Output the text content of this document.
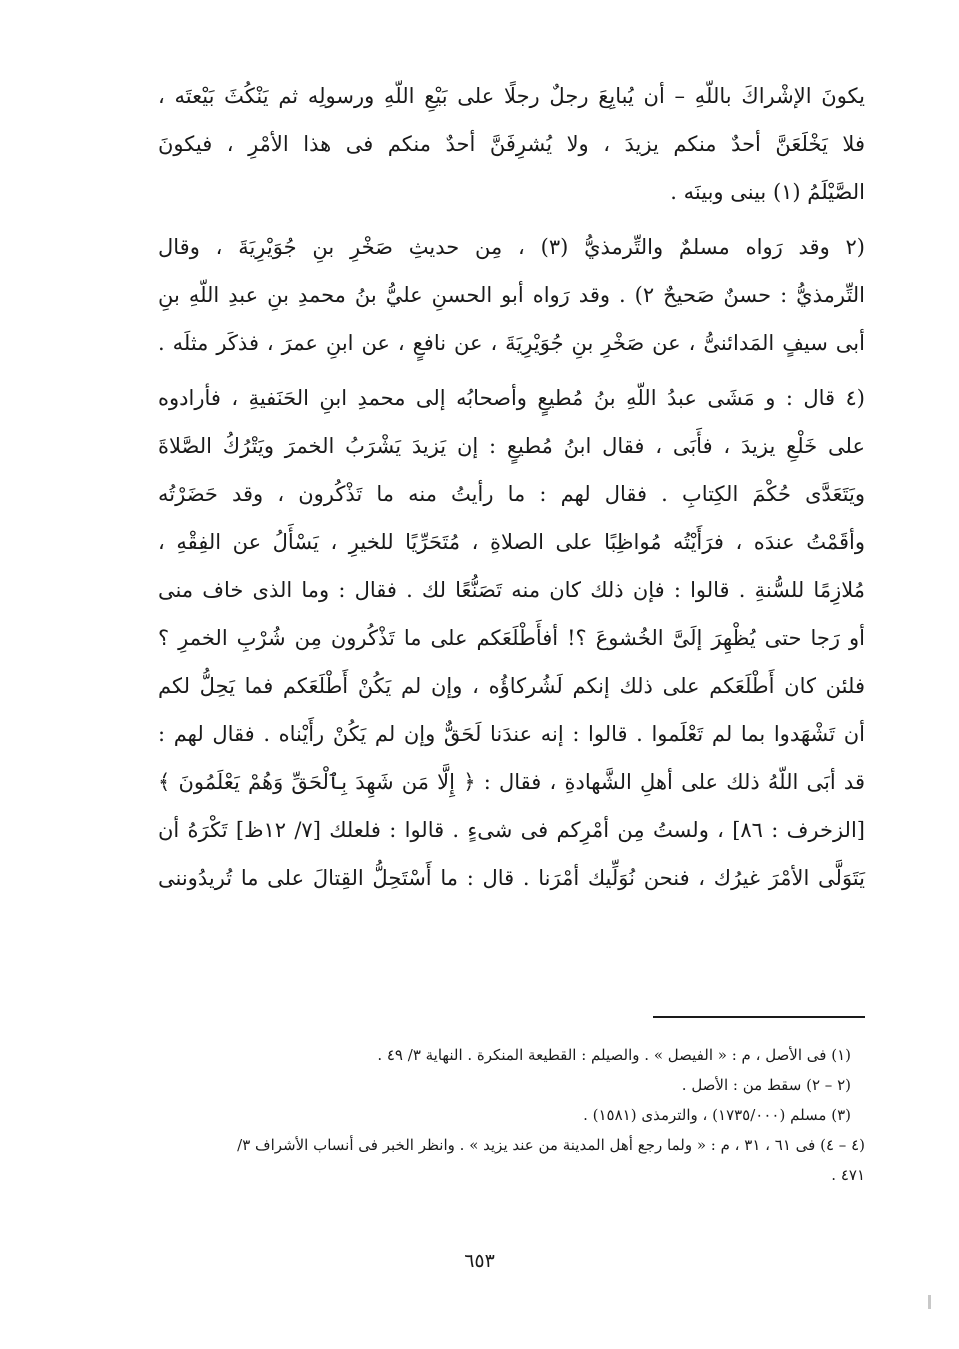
يكونَ الإشْراكَ باللّهِ – أن يُبايِعَ رجلٌ رجلًا على بَيْعِ اللّهِ ورسولِه ثم يَنْكُثَ بَيْعتَه ،
فلا يَخْلَعَنَّ أحدٌ منكم يزيدَ ، ولا يُشرِفَنَّ أحدٌ منكم فى هذا الأمْرِ ، فيكونَ
الصَّيْلَمُ (١) بينى وبينَه .
(٢ وقد رَواه مسلمٌ والتِّرمذيُّ (٣) ، مِن حديثِ صَخْرِ بنِ جُوَيْرِيَةَ ، وقال
التِّرمذيُّ : حسنٌ صَحيحٌ ٢) . وقد رَواه أبو الحسنِ عليُّ بنُ محمدِ بنِ عبدِ اللّهِ بنِ
أبى سيفٍ المَدائنىُّ ، عن صَخْرِ بنِ جُوَيْرِيَةَ ، عن نافعٍ ، عن ابنِ عمرَ ، فذكَر مثلَه .
(٤ قال : و مَشَى عبدُ اللّهِ بنُ مُطيعٍ وأصحابُه إلى محمدِ ابنِ الحَنَفيةِ ، فأرادوه
على خَلْعِ يزيدَ ، فأَبَى ، فقال ابنُ مُطيعٍ : إن يَزيدَ يَشْرَبُ الخمرَ ويَتْرُكُ الصَّلاةَ
ويَتَعَدَّى حُكْمَ الكِتابِ . فقال لهم : ما رأيتُ منه ما تَذْكُرون ، وقد حَضَرْتُه
وأقَمْتُ عندَه ، فرَأَيْتُه مُواظِبًا على الصلاةِ ، مُتَحَرِّيًا للخيرِ ، يَسْأَلُ عن الفِقْهِ ،
مُلازِمًا للسُّنةِ . قالوا : فإن ذلك كان منه تَصَنُّعًا لك . فقال : وما الذى خاف منى
أو رَجا حتى يُظْهِرَ إلَىَّ الخُشوعَ ؟! أفأَطْلَعَكم على ما تَذْكُرون مِن شُرْبِ الخمرِ ؟
فلئن كان أَطْلَعَكم على ذلك إنكم لَشُركاؤُه ، وإن لم يَكُنْ أَطْلَعَكم فما يَحِلُّ لكم
أن تَشْهَدوا بما لم تَعْلَموا . قالوا : إنه عندَنا لَحَقٌّ وإن لم يَكُنْ رأَيْناه . فقال لهم :
قد أبَى اللّهُ ذلك على أهلِ الشَّهادةِ ، فقال : ﴿ إِلَّا مَن شَهِدَ بِٱلْحَقِّ وَهُمْ يَعْلَمُونَ ﴾
[الزخرف : ٨٦] ، ولستُ مِن أمْرِكم فى شىءٍ . قالوا : فلعلك [٧/ ١٢ظ] تَكْرَهُ أن
يَتَوَلَّى الأمْرَ غيرُك ، فنحن نُوَلِّيك أمْرَنا . قال : ما أَسْتَحِلُّ القِتالَ على ما تُريدُوننى
(١) فى الأصل ، م : « الفيصل » . والصيلم : القطيعة المنكرة . النهاية ٣/ ٤٩ .
(٢ – ٢) سقط من : الأصل .
(٣) مسلم (١٧٣٥/٠٠٠) ، والترمذى (١٥٨١) .
(٤ – ٤) فى ٦١ ، ٣١ ، م : « ولما رجع أهل المدينة من عند يزيد » . وانظر الخبر فى أنساب الأشراف ٣/
٤٧١ .
٦٥٣
